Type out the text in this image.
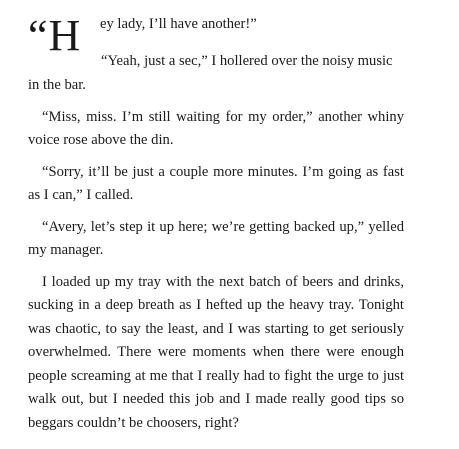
“H ey lady, I’ll have another!”
“Yeah, just a sec,” I hollered over the noisy music

in the bar.

“Miss, miss. I’m still waiting for my order,” another whiny voice rose above the din.

“Sorry, it’ll be just a couple more minutes. I’m going as fast as I can,” I called.

“Avery, let’s step it up here; we’re getting backed up,” yelled my manager.

I loaded up my tray with the next batch of beers and drinks, sucking in a deep breath as I hefted up the heavy tray. Tonight was chaotic, to say the least, and I was starting to get seriously overwhelmed. There were moments when there were enough people screaming at me that I really had to fight the urge to just walk out, but I needed this job and I made really good tips so beggars couldn’t be choosers, right?
